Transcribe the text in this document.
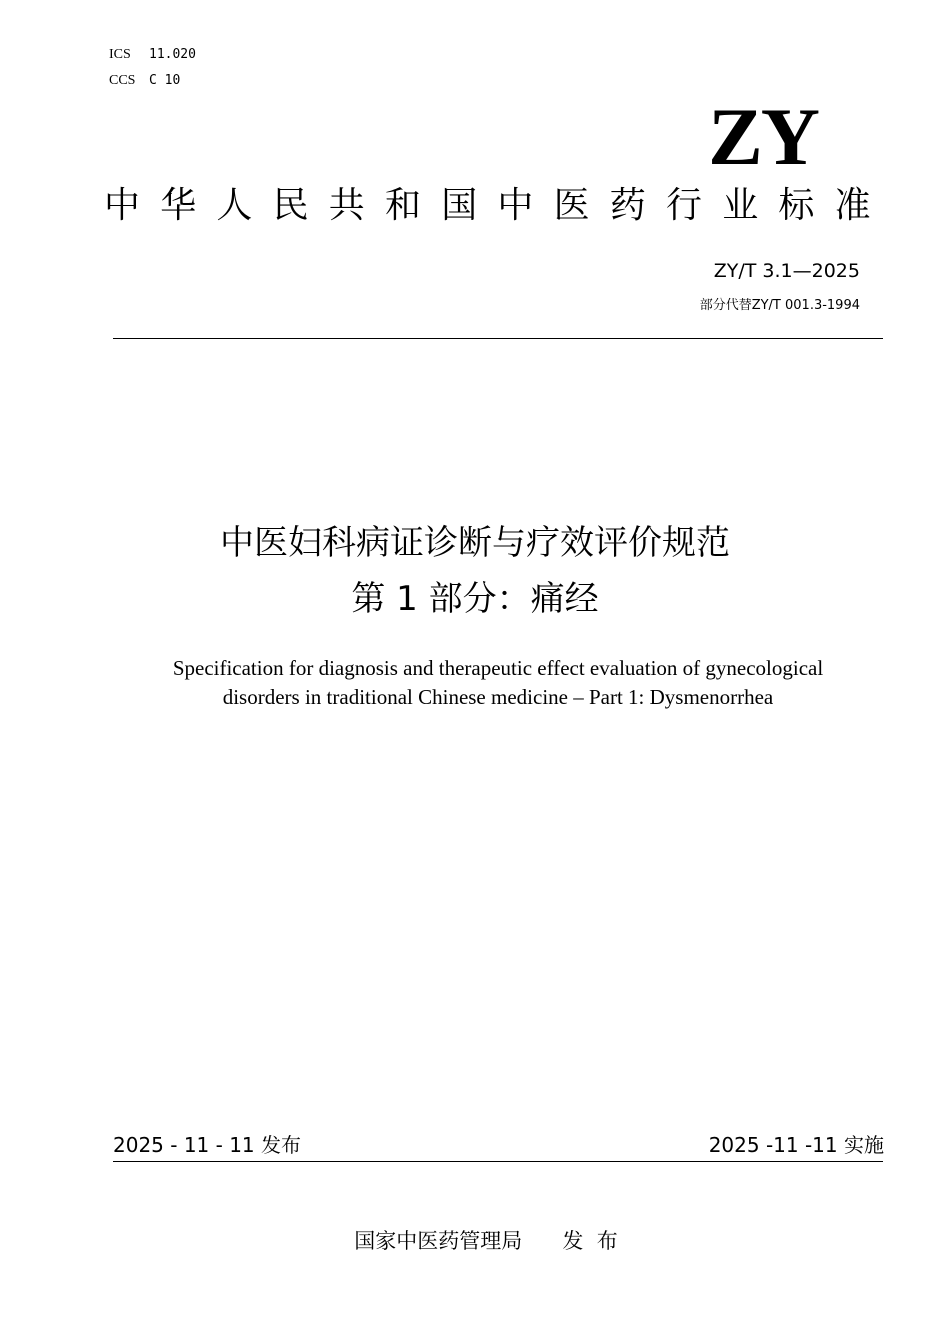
ICS	11.020
CCS	C 10
ZY
中华人民共和国中医药行业标准
ZY/T 3.1—2025
部分代替ZY/T 001.3-1994
中医妇科病证诊断与疗效评价规范
第 1 部分：痛经
Specification for diagnosis and therapeutic effect evaluation of gynecological
disorders in traditional Chinese medicine – Part 1: Dysmenorrhea
2025 - 11 - 11 发布	2025 -11 -11 实施
国家中医药管理局      发  布
